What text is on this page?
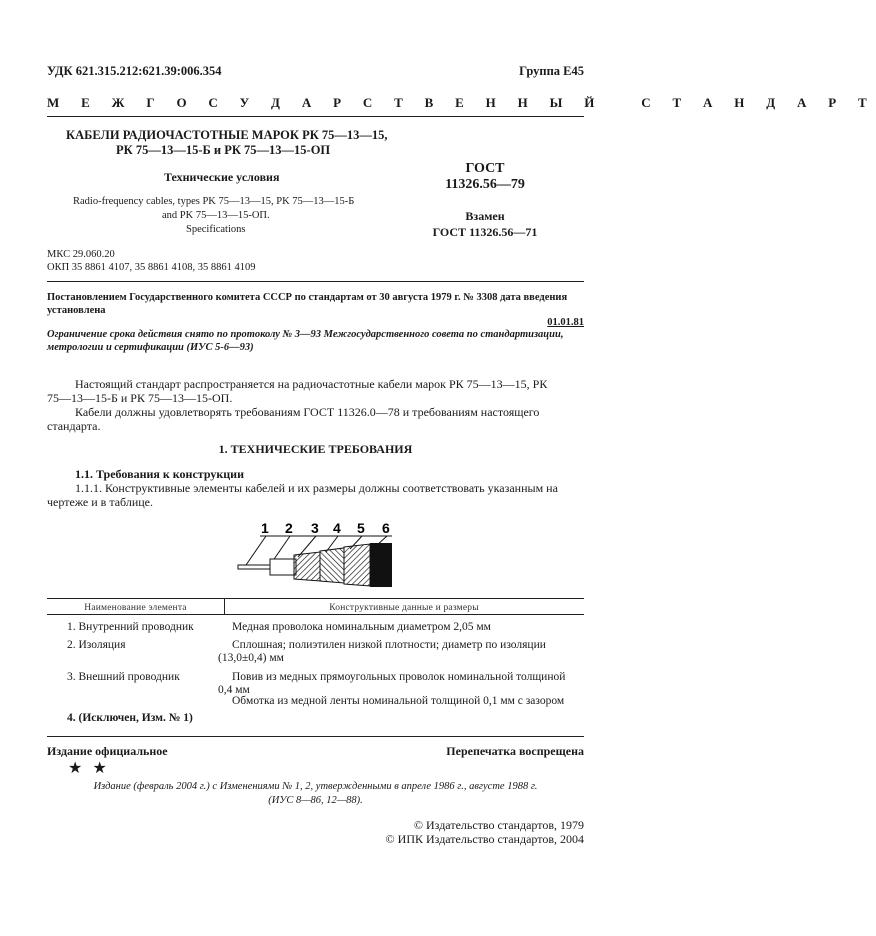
УДК 621.315.212:621.39:006.354	Группа Е45
М Е Ж Г О С У Д А Р С Т В Е Н Н Ы Й   С Т А Н Д А Р Т
КАБЕЛИ РАДИОЧАСТОТНЫЕ МАРОК РК 75—13—15,
РК 75—13—15-Б и РК 75—13—15-ОП
Технические условия
Radio-frequency cables, types PK 75—13—15, PK 75—13—15-Б
and PK 75—13—15-ОП.
Specifications
ГОСТ
11326.56—79
Взамен
ГОСТ 11326.56—71
МКС 29.060.20
ОКП 35 8861 4107, 35 8861 4108, 35 8861 4109
Постановлением Государственного комитета СССР по стандартам от 30 августа 1979 г. № 3308 дата введения
установлена
01.01.81
Ограничение срока действия снято по протоколу № 3—93 Межгосударственного совета по стандартизации,
метрологии и сертификации (ИУС 5-6—93)
Настоящий стандарт распространяется на радиочастотные кабели марок РК 75—13—15, РК
75—13—15-Б и РК 75—13—15-ОП.
Кабели должны удовлетворять требованиям ГОСТ 11326.0—78 и требованиям настоящего
стандарта.
1. ТЕХНИЧЕСКИЕ ТРЕБОВАНИЯ
1.1. Требования к конструкции
1.1.1. Конструктивные элементы кабелей и их размеры должны соответствовать указанным на
чертеже и в таблице.
1 2 3 4 5 6
Наименование элемента	Конструктивные данные и размеры
1. Внутренний проводник	Медная проволока номинальным диаметром 2,05 мм
2. Изоляция	Сплошная; полиэтилен низкой плотности; диаметр по изоляции
(13,0±0,4) мм
3. Внешний проводник	Повив из медных прямоугольных проволок номинальной толщиной
0,4 мм
Обмотка из медной ленты номинальной толщиной 0,1 мм с зазором
4. (Исключен, Изм. № 1)
Издание официальное	Перепечатка воспрещена
★  ★
Издание (февраль 2004 г.) с Изменениями № 1, 2, утвержденными в апреле 1986 г., августе 1988 г.
(ИУС 8—86, 12—88).
© Издательство стандартов, 1979
© ИПК Издательство стандартов, 2004
